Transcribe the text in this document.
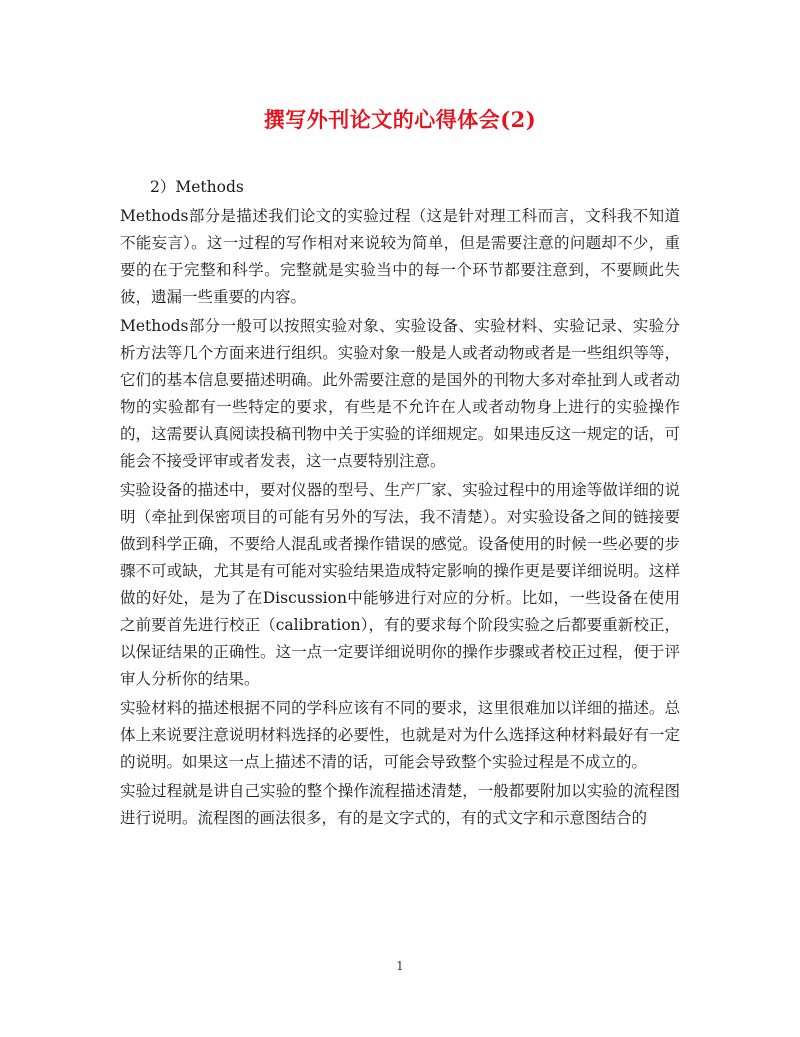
撰写外刊论文的心得体会(2)

2）Methods

Methods部分是描述我们论文的实验过程（这是针对理工科而言，文科我不知道不能妄言）。这一过程的写作相对来说较为简单，但是需要注意的问题却不少，重要的在于完整和科学。完整就是实验当中的每一个环节都要注意到，不要顾此失彼，遗漏一些重要的内容。

Methods部分一般可以按照实验对象、实验设备、实验材料、实验记录、实验分析方法等几个方面来进行组织。实验对象一般是人或者动物或者是一些组织等等，它们的基本信息要描述明确。此外需要注意的是国外的刊物大多对牵扯到人或者动物的实验都有一些特定的要求，有些是不允许在人或者动物身上进行的实验操作的，这需要认真阅读投稿刊物中关于实验的详细规定。如果违反这一规定的话，可能会不接受评审或者发表，这一点要特别注意。

实验设备的描述中，要对仪器的型号、生产厂家、实验过程中的用途等做详细的说明（牵扯到保密项目的可能有另外的写法，我不清楚）。对实验设备之间的链接要做到科学正确，不要给人混乱或者操作错误的感觉。设备使用的时候一些必要的步骤不可或缺，尤其是有可能对实验结果造成特定影响的操作更是要详细说明。这样做的好处，是为了在Discussion中能够进行对应的分析。比如，一些设备在使用之前要首先进行校正（calibration），有的要求每个阶段实验之后都要重新校正，以保证结果的正确性。这一点一定要详细说明你的操作步骤或者校正过程，便于评审人分析你的结果。

实验材料的描述根据不同的学科应该有不同的要求，这里很难加以详细的描述。总体上来说要注意说明材料选择的必要性，也就是对为什么选择这种材料最好有一定的说明。如果这一点上描述不清的话，可能会导致整个实验过程是不成立的。

实验过程就是讲自己实验的整个操作流程描述清楚，一般都要附加以实验的流程图进行说明。流程图的画法很多，有的是文字式的，有的式文字和示意图结合的

1
